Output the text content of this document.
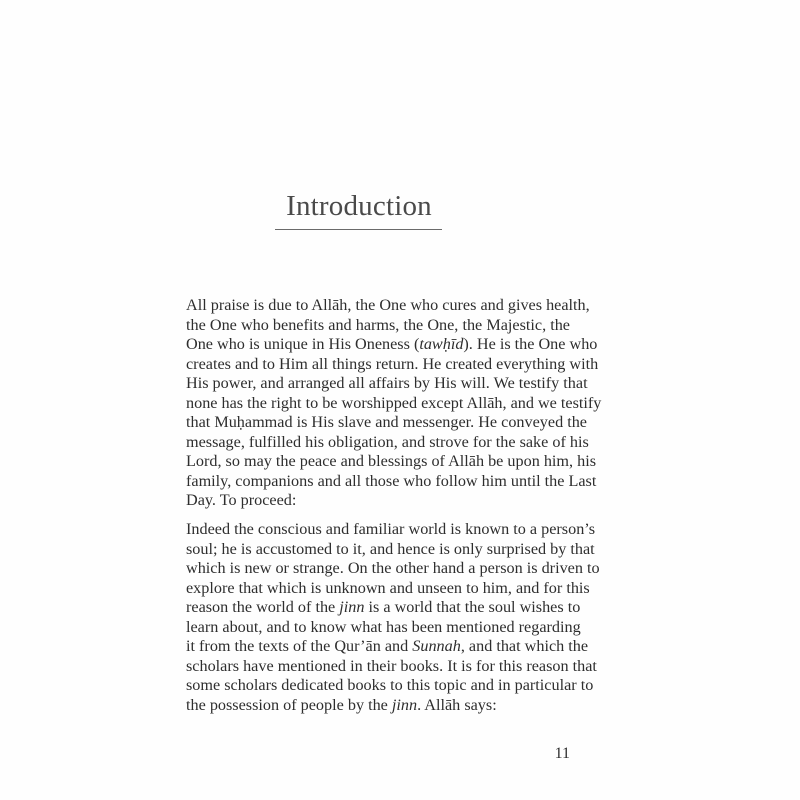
Introduction
All praise is due to Allāh, the One who cures and gives health,
the One who benefits and harms, the One, the Majestic, the
One who is unique in His Oneness (tawḥīd). He is the One who
creates and to Him all things return. He created everything with
His power, and arranged all affairs by His will. We testify that
none has the right to be worshipped except Allāh, and we testify
that Muḥammad is His slave and messenger. He conveyed the
message, fulfilled his obligation, and strove for the sake of his
Lord, so may the peace and blessings of Allāh be upon him, his
family, companions and all those who follow him until the Last
Day. To proceed:
Indeed the conscious and familiar world is known to a person’s
soul; he is accustomed to it, and hence is only surprised by that
which is new or strange. On the other hand a person is driven to
explore that which is unknown and unseen to him, and for this
reason the world of the jinn is a world that the soul wishes to
learn about, and to know what has been mentioned regarding
it from the texts of the Qur’ān and Sunnah, and that which the
scholars have mentioned in their books. It is for this reason that
some scholars dedicated books to this topic and in particular to
the possession of people by the jinn. Allāh says:
11
